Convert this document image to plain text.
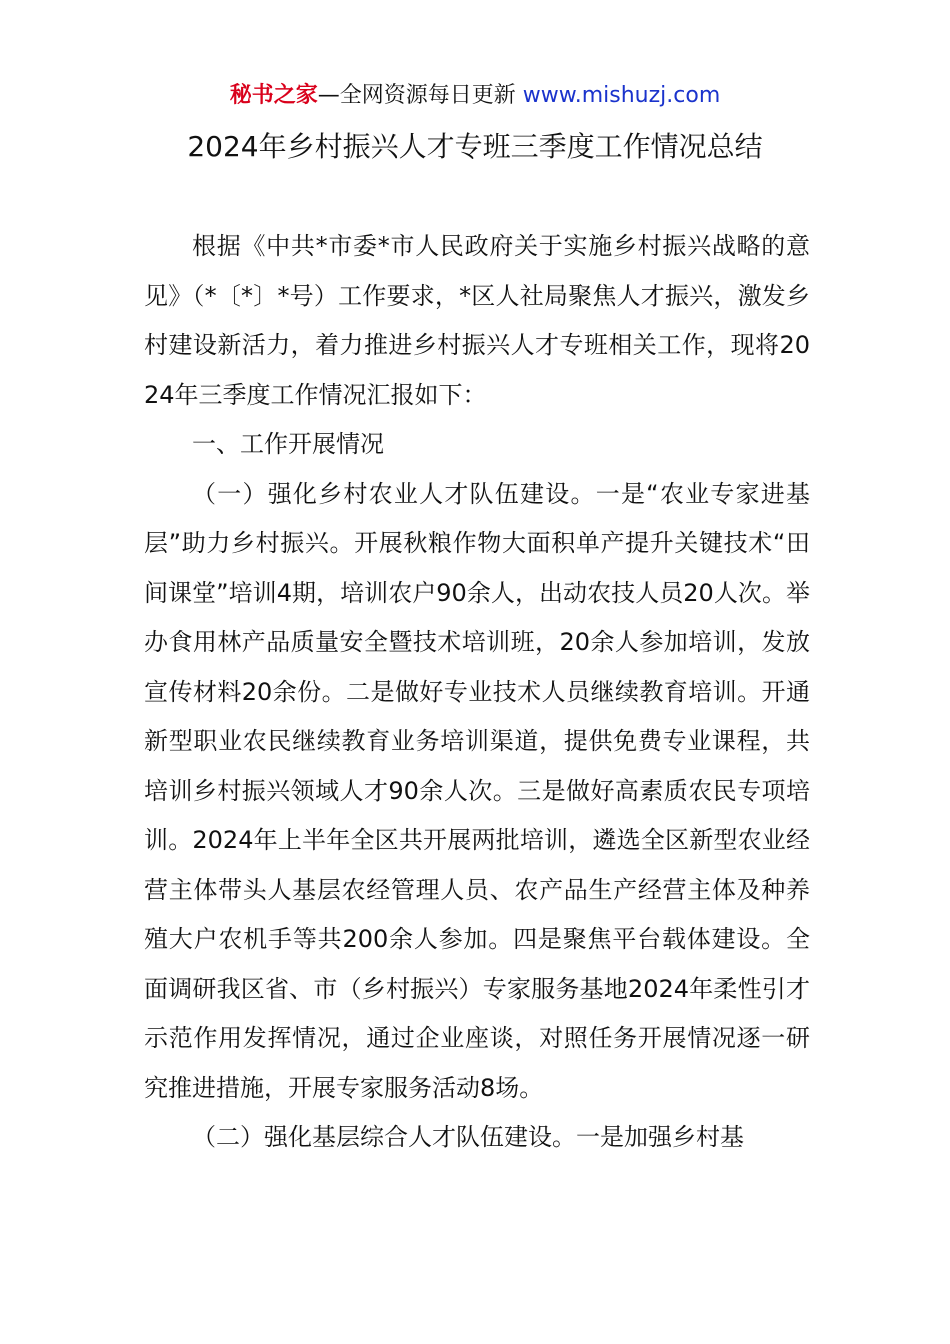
秘书之家—全网资源每日更新 www.mishuzj.com
2024年乡村振兴人才专班三季度工作情况总结

根据《中共*市委*市人民政府关于实施乡村振兴战略的意见》（*〔*〕*号）工作要求，*区人社局聚焦人才振兴，激发乡村建设新活力，着力推进乡村振兴人才专班相关工作，现将2024年三季度工作情况汇报如下：

一、工作开展情况

（一）强化乡村农业人才队伍建设。一是“农业专家进基层”助力乡村振兴。开展秋粮作物大面积单产提升关键技术“田间课堂”培训4期，培训农户90余人，出动农技人员20人次。举办食用林产品质量安全暨技术培训班，20余人参加培训，发放宣传材料20余份。二是做好专业技术人员继续教育培训。开通新型职业农民继续教育业务培训渠道，提供免费专业课程，共培训乡村振兴领域人才90余人次。三是做好高素质农民专项培训。2024年上半年全区共开展两批培训，遴选全区新型农业经营主体带头人基层农经管理人员、农产品生产经营主体及种养殖大户农机手等共200余人参加。四是聚焦平台载体建设。全面调研我区省、市（乡村振兴）专家服务基地2024年柔性引才示范作用发挥情况，通过企业座谈，对照任务开展情况逐一研究推进措施，开展专家服务活动8场。

（二）强化基层综合人才队伍建设。一是加强乡村基
